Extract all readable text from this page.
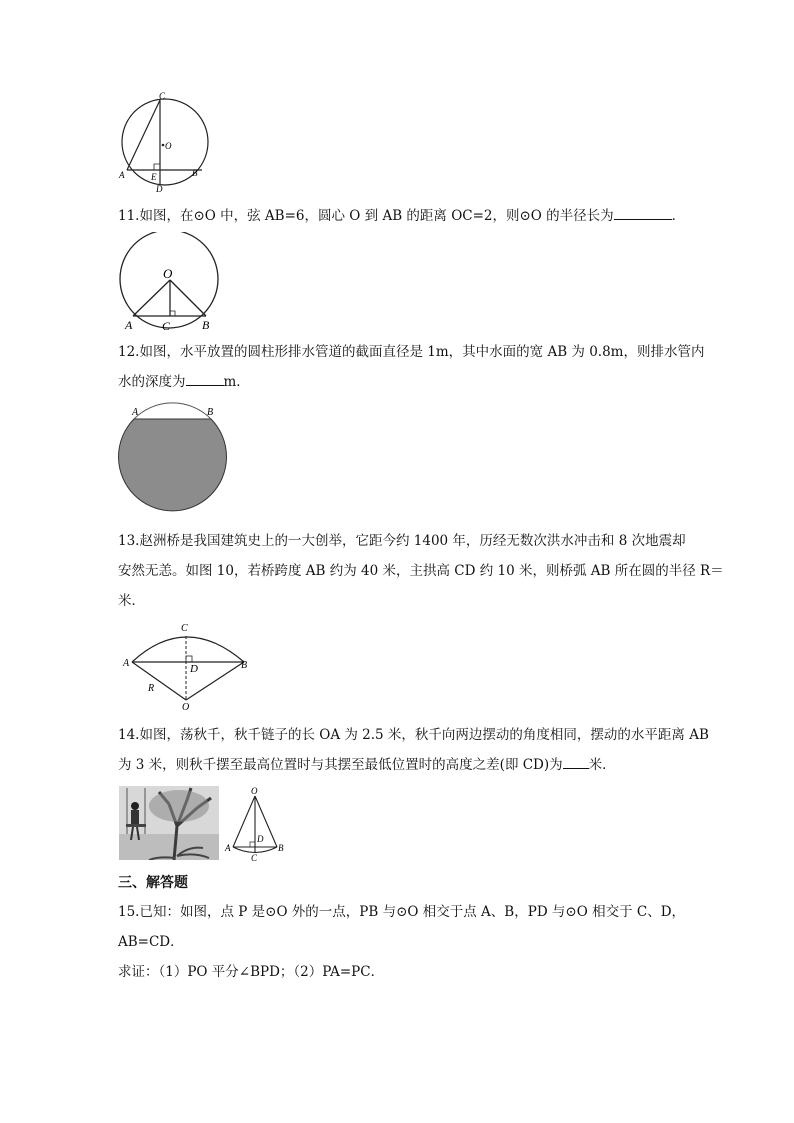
C
O
A	E	B
D
11.如图，在⊙O 中，弦 AB=6，圆心 O 到 AB 的距离 OC=2，则⊙O 的半径长为	．
O
A C	B
12.如图，水平放置的圆柱形排水管道的截面直径是 1m，其中水面的宽 AB 为 0.8m，则排水管内
水的深度为	m．
A	B
13.赵洲桥是我国建筑史上的一大创举，它距今约 1400 年，历经无数次洪水冲击和 8 次地震却
安然无恙。如图 10，若桥跨度 AB 约为 40 米，主拱高 CD 约 10 米，则桥弧 AB 所在圆的半径 R＝
米．
C
A	D	B
R
O
14.如图，荡秋千，秋千链子的长 OA 为 2.5 米，秋千向两边摆动的角度相同，摆动的水平距离 AB
为 3 米，则秋千摆至最高位置时与其摆至最低位置时的高度之差(即 CD)为 米．
O
D
A
C
B
三、解答题
15.已知：如图，点 P 是⊙O 外的一点，PB 与⊙O 相交于点 A、B，PD 与⊙O 相交于 C、D，
AB=CD．
求证：（1）PO 平分∠BPD；（2）PA=PC．
